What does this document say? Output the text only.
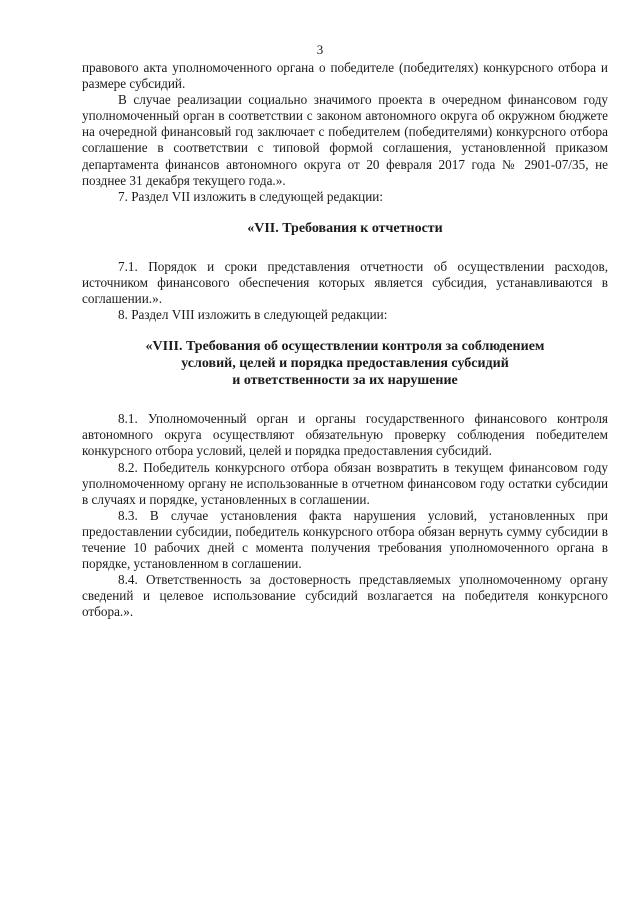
3

правового акта уполномоченного органа о победителе (победителях) конкурсного отбора и размере субсидий.

В случае реализации социально значимого проекта в очередном финансовом году уполномоченный орган в соответствии с законом автономного округа об окружном бюджете на очередной финансовый год заключает с победителем (победителями) конкурсного отбора соглашение в соответствии с типовой формой соглашения, установленной приказом департамента финансов автономного округа от 20 февраля 2017 года № 2901-07/35, не позднее 31 декабря текущего года.».

7. Раздел VII изложить в следующей редакции:

«VII. Требования к отчетности

7.1. Порядок и сроки представления отчетности об осуществлении расходов, источником финансового обеспечения которых является субсидия, устанавливаются в соглашении.».

8. Раздел VIII изложить в следующей редакции:

«VIII. Требования об осуществлении контроля за соблюдением
условий, целей и порядка предоставления субсидий
и ответственности за их нарушение

8.1. Уполномоченный орган и органы государственного финансового контроля автономного округа осуществляют обязательную проверку соблюдения победителем конкурсного отбора условий, целей и порядка предоставления субсидий.

8.2. Победитель конкурсного отбора обязан возвратить в текущем финансовом году уполномоченному органу не использованные в отчетном финансовом году остатки субсидии в случаях и порядке, установленных в соглашении.

8.3. В случае установления факта нарушения условий, установленных при предоставлении субсидии, победитель конкурсного отбора обязан вернуть сумму субсидии в течение 10 рабочих дней с момента получения требования уполномоченного органа в порядке, установленном в соглашении.

8.4. Ответственность за достоверность представляемых уполномоченному органу сведений и целевое использование субсидий возлагается на победителя конкурсного отбора.».
